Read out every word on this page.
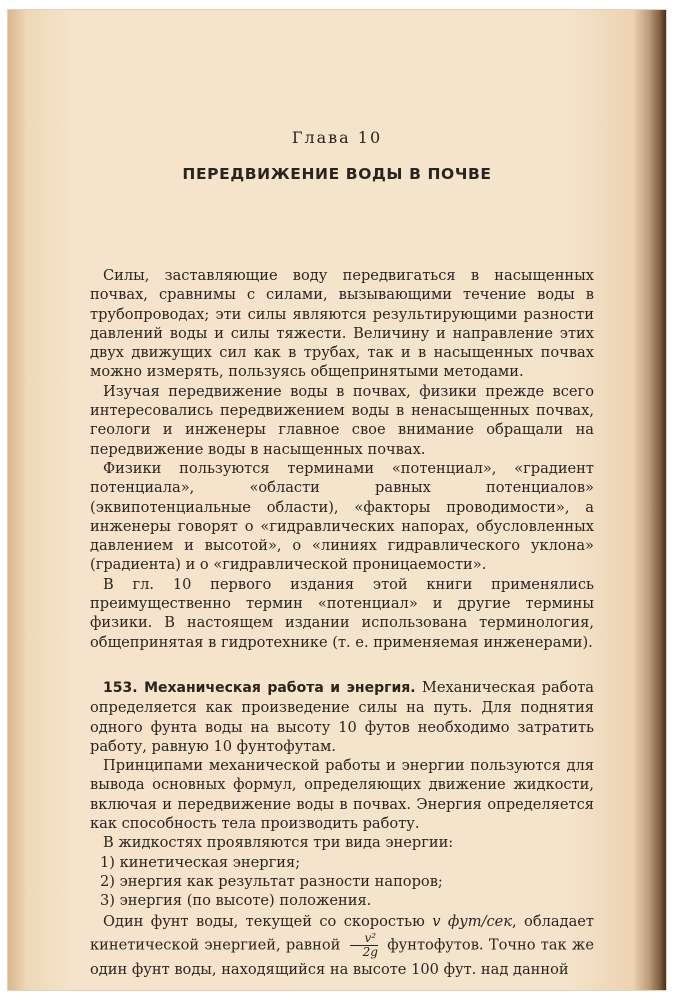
Глава 10
ПЕРЕДВИЖЕНИЕ ВОДЫ В ПОЧВЕ

Силы, заставляющие воду передвигаться в насыщенных почвах, сравнимы с силами, вызывающими течение воды в трубопроводах; эти силы являются результирующими разности давлений воды и силы тяжести. Величину и направление этих двух движущих сил как в трубах, так и в насыщенных почвах можно измерять, пользуясь общепринятыми методами.

Изучая передвижение воды в почвах, физики прежде всего интересовались передвижением воды в ненасыщенных почвах, геологи и инженеры главное свое внимание обращали на передвижение воды в насыщенных почвах.

Физики пользуются терминами «потенциал», «градиент потенциала», «области равных потенциалов» (эквипотенциальные области), «факторы проводимости», а инженеры говорят о «гидравлических напорах, обусловленных давлением и высотой», о «линиях гидравлического уклона» (градиента) и о «гидравлической проницаемости».

В гл. 10 первого издания этой книги применялись преимущественно термин «потенциал» и другие термины физики. В настоящем издании использована терминология, общепринятая в гидротехнике (т. е. применяемая инженерами).

153. Механическая работа и энергия. Механическая работа определяется как произведение силы на путь. Для поднятия одного фунта воды на высоту 10 футов необходимо затратить работу, равную 10 фунтофутам.

Принципами механической работы и энергии пользуются для вывода основных формул, определяющих движение жидкости, включая и передвижение воды в почвах. Энергия определяется как способность тела производить работу.

В жидкостях проявляются три вида энергии:

1) кинетическая энергия;

2) энергия как результат разности напоров;

3) энергия (по высоте) положения.

Один фунт воды, текущей со скоростью v фут/сек, обладает кинетической энергией, равной $\frac{\text{v²}}{2g}$ фунтофутов. Точно так же один фунт воды, находящийся на высоте 100 фут. над данной
